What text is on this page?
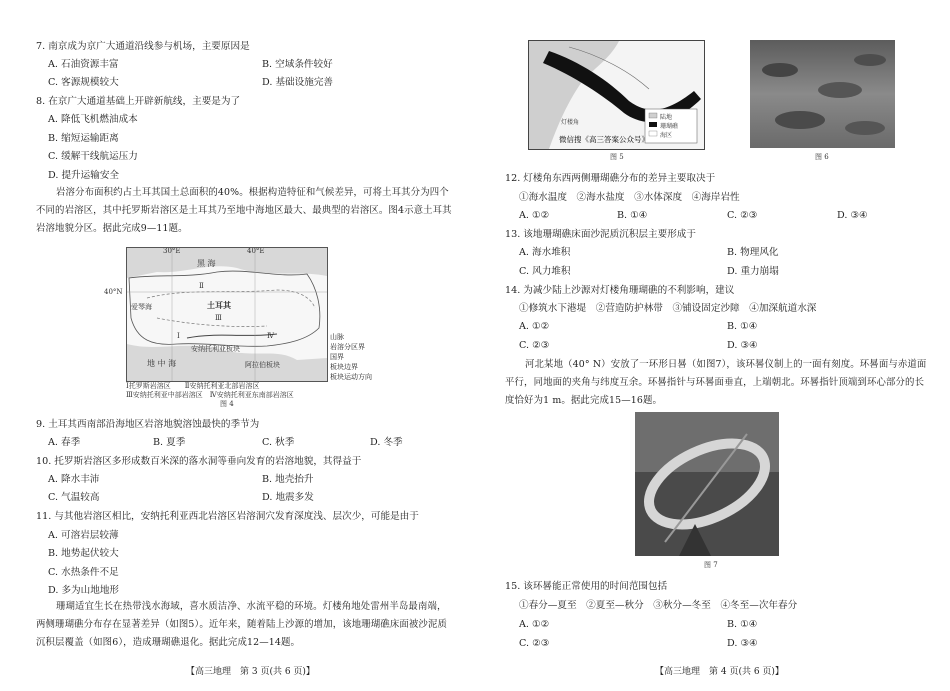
7. 南京成为京广大通道沿线参与机场，主要原因是
A. 石油资源丰富	B. 空域条件较好
C. 客源规模较大	D. 基础设施完善
8. 在京广大通道基础上开辟新航线，主要是为了
A. 降低飞机燃油成本
B. 缩短运输距离
C. 缓解干线航运压力
D. 提升运输安全
岩溶分布面积约占土耳其国土总面积的40%。根据构造特征和气候差异，可将土耳其分为四个不同的岩溶区，其中托罗斯岩溶区是土耳其乃至地中海地区最大、最典型的岩溶区。图4示意土耳其岩溶地貌分区。据此完成9—11题。
30°E	40°E
黑 海
爱琴海	土耳其
Ⅱ
Ⅲ
Ⅰ	Ⅳ
安纳托利亚板块
地 中 海	阿拉伯板块
40°N
山脉
岩溶分区界
国界
板块边界
板块运动方向
Ⅰ托罗斯岩溶区　　Ⅱ安纳托利亚北部岩溶区
Ⅲ安纳托利亚中部岩溶区　Ⅳ安纳托利亚东南部岩溶区
图 4
9. 土耳其西南部沿海地区岩溶地貌溶蚀最快的季节为
A. 春季	B. 夏季	C. 秋季	D. 冬季
10. 托罗斯岩溶区多形成数百米深的落水洞等垂向发育的岩溶地貌，其得益于
A. 降水丰沛	B. 地壳抬升
C. 气温较高	D. 地震多发
11. 与其他岩溶区相比，安纳托利亚西北岩溶区岩溶洞穴发育深度浅、层次少，可能是由于
A. 可溶岩层较薄
B. 地势起伏较大
C. 水热条件不足
D. 多为山地地形
珊瑚适宜生长在热带浅水海域，喜水质洁净、水流平稳的环境。灯楼角地处雷州半岛最南端，两侧珊瑚礁分布存在显著差异（如图5）。近年来，随着陆上沙源的增加，该地珊瑚礁床面被沙泥质沉积层覆盖（如图6），造成珊瑚礁退化。据此完成12—14题。
【高三地理　第 3 页(共 6 页)】
陆地
珊瑚礁
海区
灯楼角
微信搜《高三答案公众号》
图 5	图 6
12. 灯楼角东西两侧珊瑚礁分布的差异主要取决于
①海水温度　②海水盐度　③水体深度　④海岸岩性
A. ①②	B. ①④	C. ②③	D. ③④
13. 该地珊瑚礁床面沙泥质沉积层主要形成于
A. 海水堆积	B. 物理风化
C. 风力堆积	D. 重力崩塌
14. 为减少陆上沙源对灯楼角珊瑚礁的不利影响，建议
①修筑水下港堤　②营造防护林带　③铺设固定沙障　④加深航道水深
A. ①②	B. ①④
C. ②③	D. ③④
河北某地（40° N）安放了一环形日晷（如图7），该环晷仪制上的一面有刻度。环晷面与赤道面平行，同地面的夹角与纬度互余。环晷指针与环晷面垂直，上端朝北。环晷指针顶端到环心部分的长度恰好为1 m。据此完成15—16题。
图 7
15. 该环晷能正常使用的时间范围包括
①春分—夏至　②夏至—秋分　③秋分—冬至　④冬至—次年春分
A. ①②	B. ①④
C. ②③	D. ③④
【高三地理　第 4 页(共 6 页)】
